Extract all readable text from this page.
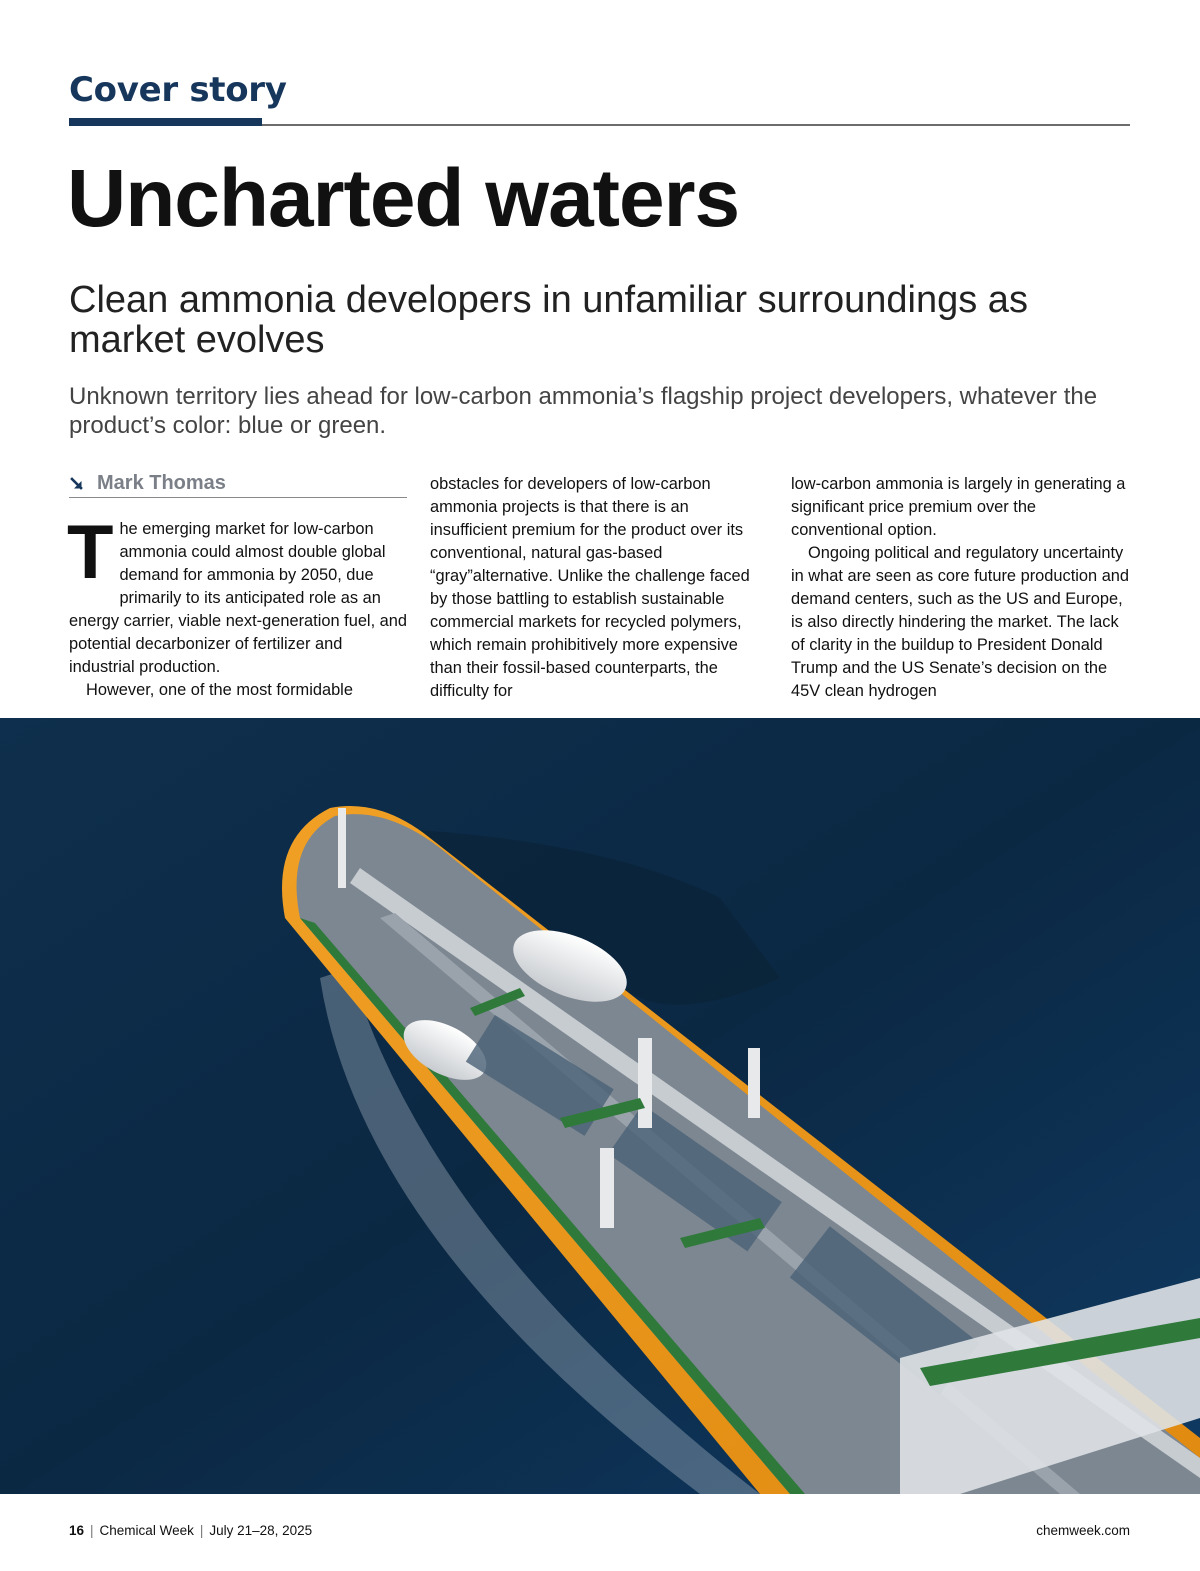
Cover story
Uncharted waters
Clean ammonia developers in unfamiliar surroundings as market evolves

Unknown territory lies ahead for low-carbon ammonia’s flagship project developers, whatever the product’s color: blue or green.

Mark Thomas

The emerging market for low-carbon ammonia could almost double global demand for ammonia by 2050, due primarily to its anticipated role as an energy carrier, viable next-generation fuel, and potential decarbonizer of fertilizer and industrial production.

However, one of the most formidable

obstacles for developers of low-carbon ammonia projects is that there is an insufficient premium for the product over its conventional, natural gas-based “gray”alternative. Unlike the challenge faced by those battling to establish sustainable commercial markets for recycled polymers, which remain prohibitively more expensive than their fossil-based counterparts, the difficulty for

low-carbon ammonia is largely in generating a significant price premium over the conventional option.

Ongoing political and regulatory uncertainty in what are seen as core future production and demand centers, such as the US and Europe, is also directly hindering the market. The lack of clarity in the buildup to President Donald Trump and the US Senate’s decision on the 45V clean hydrogen

16 | Chemical Week | July 21–28, 2025	chemweek.com
